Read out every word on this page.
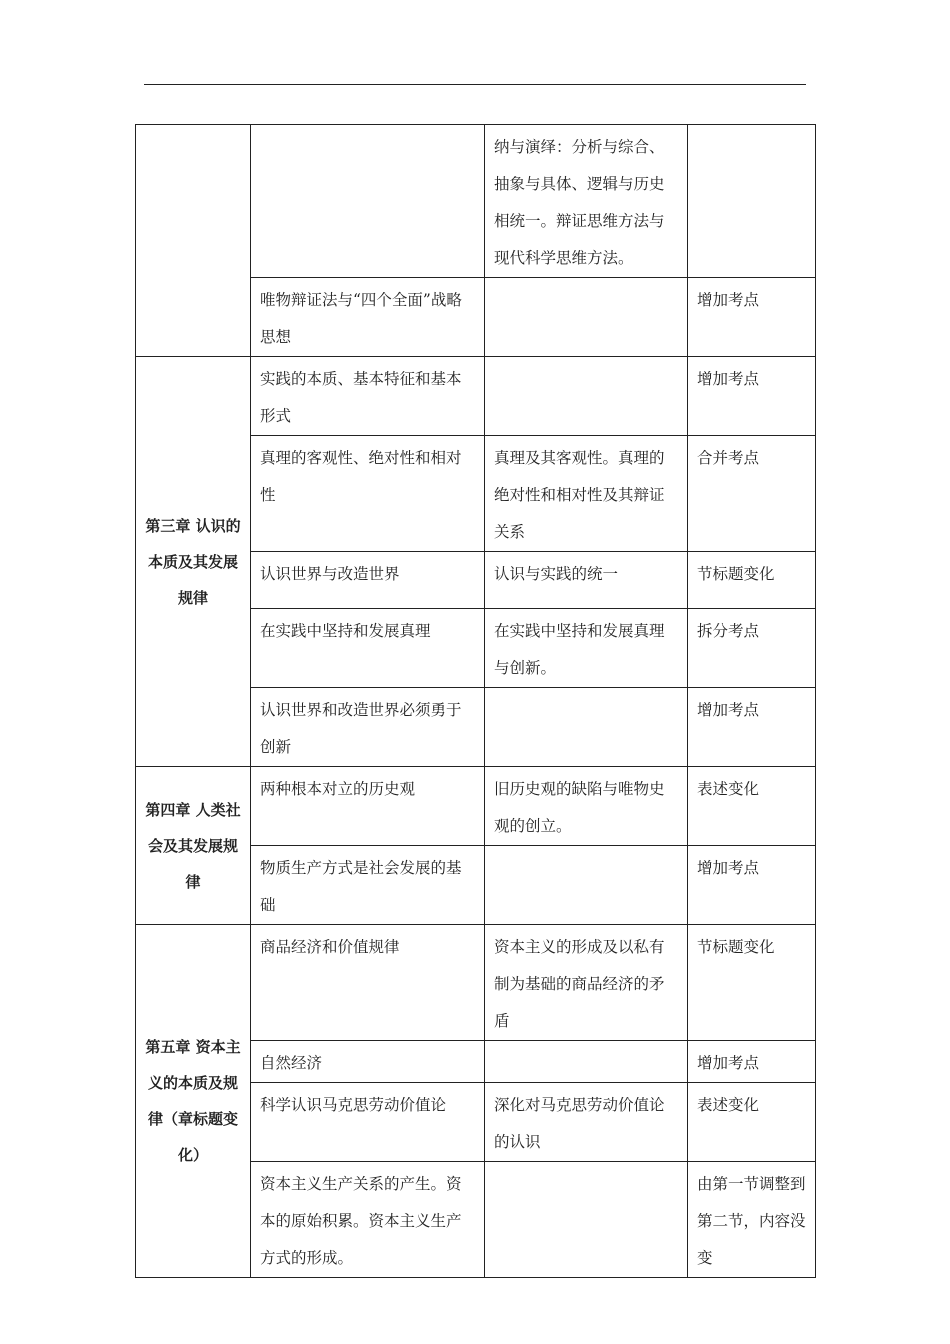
		纳与演绎：分析与综合、抽象与具体、逻辑与历史相统一。辩证思维方法与现代科学思维方法。	
	唯物辩证法与“四个全面”战略思想		增加考点
第三章 认识的本质及其发展规律	实践的本质、基本特征和基本形式		增加考点
	真理的客观性、绝对性和相对性	真理及其客观性。真理的绝对性和相对性及其辩证关系	合并考点
	认识世界与改造世界	认识与实践的统一	节标题变化
	在实践中坚持和发展真理	在实践中坚持和发展真理与创新。	拆分考点
	认识世界和改造世界必须勇于创新		增加考点
第四章 人类社会及其发展规律	两种根本对立的历史观	旧历史观的缺陷与唯物史观的创立。	表述变化
	物质生产方式是社会发展的基础		增加考点
第五章 资本主义的本质及规律（章标题变化）	商品经济和价值规律	资本主义的形成及以私有制为基础的商品经济的矛盾	节标题变化
	自然经济		增加考点
	科学认识马克思劳动价值论	深化对马克思劳动价值论的认识	表述变化
	资本主义生产关系的产生。资本的原始积累。资本主义生产方式的形成。		由第一节调整到第二节，内容没变
